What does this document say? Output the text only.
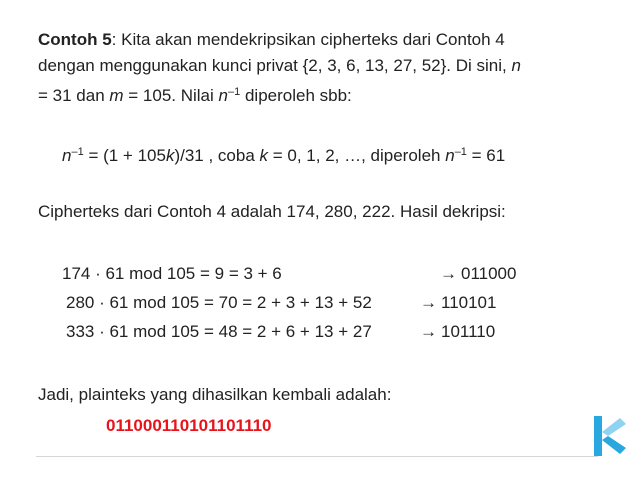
Contoh 5: Kita akan mendekripsikan cipherteks dari Contoh 4
dengan menggunakan kunci privat {2, 3, 6, 13, 27, 52}. Di sini, n
= 31 dan m = 105. Nilai $n^{-1}$ diperoleh sbb:
$n^{-1} = (1 + 105k)/31$ , coba k = 0, 1, 2, …, diperoleh $n^{-1} = 61$
Cipherteks dari Contoh 4 adalah 174, 280, 222. Hasil dekripsi:
174 · 61 mod 105 = 9 = 3 + 6	→ 011000
280 · 61 mod 105 = 70 = 2 + 3 + 13 + 52	→ 110101
333 · 61 mod 105 = 48 = 2 + 6 + 13 + 27	→ 101110
Jadi, plainteks yang dihasilkan kembali adalah:
011000110101101110
